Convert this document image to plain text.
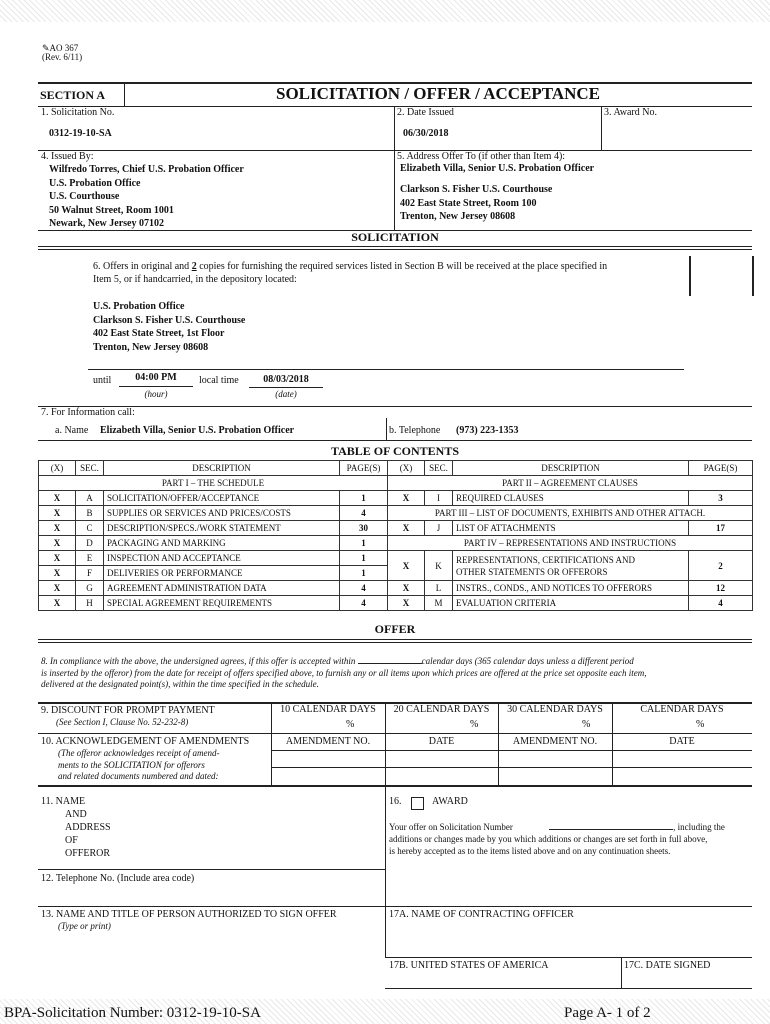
✎AO 367
(Rev. 6/11)
SECTION A	SOLICITATION / OFFER / ACCEPTANCE
1. Solicitation No.
0312-19-10-SA
2. Date Issued
06/30/2018
3. Award No.
4. Issued By:
Wilfredo Torres, Chief U.S. Probation Officer
U.S. Probation Office
U.S. Courthouse
50 Walnut Street, Room 1001
Newark, New Jersey 07102
5. Address Offer To (if other than Item 4):
Elizabeth Villa, Senior U.S. Probation Officer
Clarkson S. Fisher U.S. Courthouse
402 East State Street, Room 100
Trenton, New Jersey 08608
SOLICITATION
6. Offers in original and 2 copies for furnishing the required services listed in Section B will be received at the place specified in
Item 5, or if handcarried, in the depository located:
U.S. Probation Office
Clarkson S. Fisher U.S. Courthouse
402 East State Street, 1st Floor
Trenton, New Jersey 08608
until	04:00 PM
(hour)
local time	08/03/2018
(date)
7. For Information call:
a. Name Elizabeth Villa, Senior U.S. Probation Officer	b. Telephone (973) 223-1353
TABLE OF CONTENTS
(X)	SEC.	DESCRIPTION	PAGE(S)	(X)	SEC.	DESCRIPTION	PAGE(S)
PART I – THE SCHEDULE				PART II – AGREEMENT CLAUSES			
X	A	SOLICITATION/OFFER/ACCEPTANCE	1	X	I	REQUIRED CLAUSES	3
X	B	SUPPLIES OR SERVICES AND PRICES/COSTS	4	PART III – LIST OF DOCUMENTS, EXHIBITS AND OTHER ATTACH.			
X	C	DESCRIPTION/SPECS./WORK STATEMENT	30	X	J	LIST OF ATTACHMENTS	17
X	D	PACKAGING AND MARKING	1	PART IV – REPRESENTATIONS AND INSTRUCTIONS			
X	E	INSPECTION AND ACCEPTANCE	1	X	K	REPRESENTATIONS, CERTIFICATIONS AND
OTHER STATEMENTS OR OFFERORS	2
X	F	DELIVERIES OR PERFORMANCE	1				
X	G	AGREEMENT ADMINISTRATION DATA	4	X	L	INSTRS., CONDS., AND NOTICES TO OFFERORS	12
X	H	SPECIAL AGREEMENT REQUIREMENTS	4	X	M	EVALUATION CRITERIA	4
OFFER
8. In compliance with the above, the undersigned agrees, if this offer is accepted within	calendar days (365 calendar days unless a different period
is inserted by the offeror) from the date for receipt of offers specified above, to furnish any or all items upon which prices are offered at the price set opposite each item,
delivered at the designated point(s), within the time specified in the schedule.
9. DISCOUNT FOR PROMPT PAYMENT
(See Section I, Clause No. 52-232-8)
10 CALENDAR DAYS	20 CALENDAR DAYS	30 CALENDAR DAYS	CALENDAR DAYS
%	%	%	%
10. ACKNOWLEDGEMENT OF AMENDMENTS
(The offeror acknowledges receipt of amend-
ments to the SOLICITATION for offerors
and related documents numbered and dated:
AMENDMENT NO.	DATE	AMENDMENT NO.	DATE
11. NAME
AND
ADDRESS
OF
OFFEROR
16.	AWARD
Your offer on Solicitation Number	, including the
additions or changes made by you which additions or changes are set forth in full above,
is hereby accepted as to the items listed above and on any continuation sheets.
12. Telephone No. (Include area code)
13. NAME AND TITLE OF PERSON AUTHORIZED TO SIGN OFFER
(Type or print)
17A. NAME OF CONTRACTING OFFICER
17B. UNITED STATES OF AMERICA	17C. DATE SIGNED
BPA-Solicitation Number: 0312-19-10-SA	Page A- 1 of 2
